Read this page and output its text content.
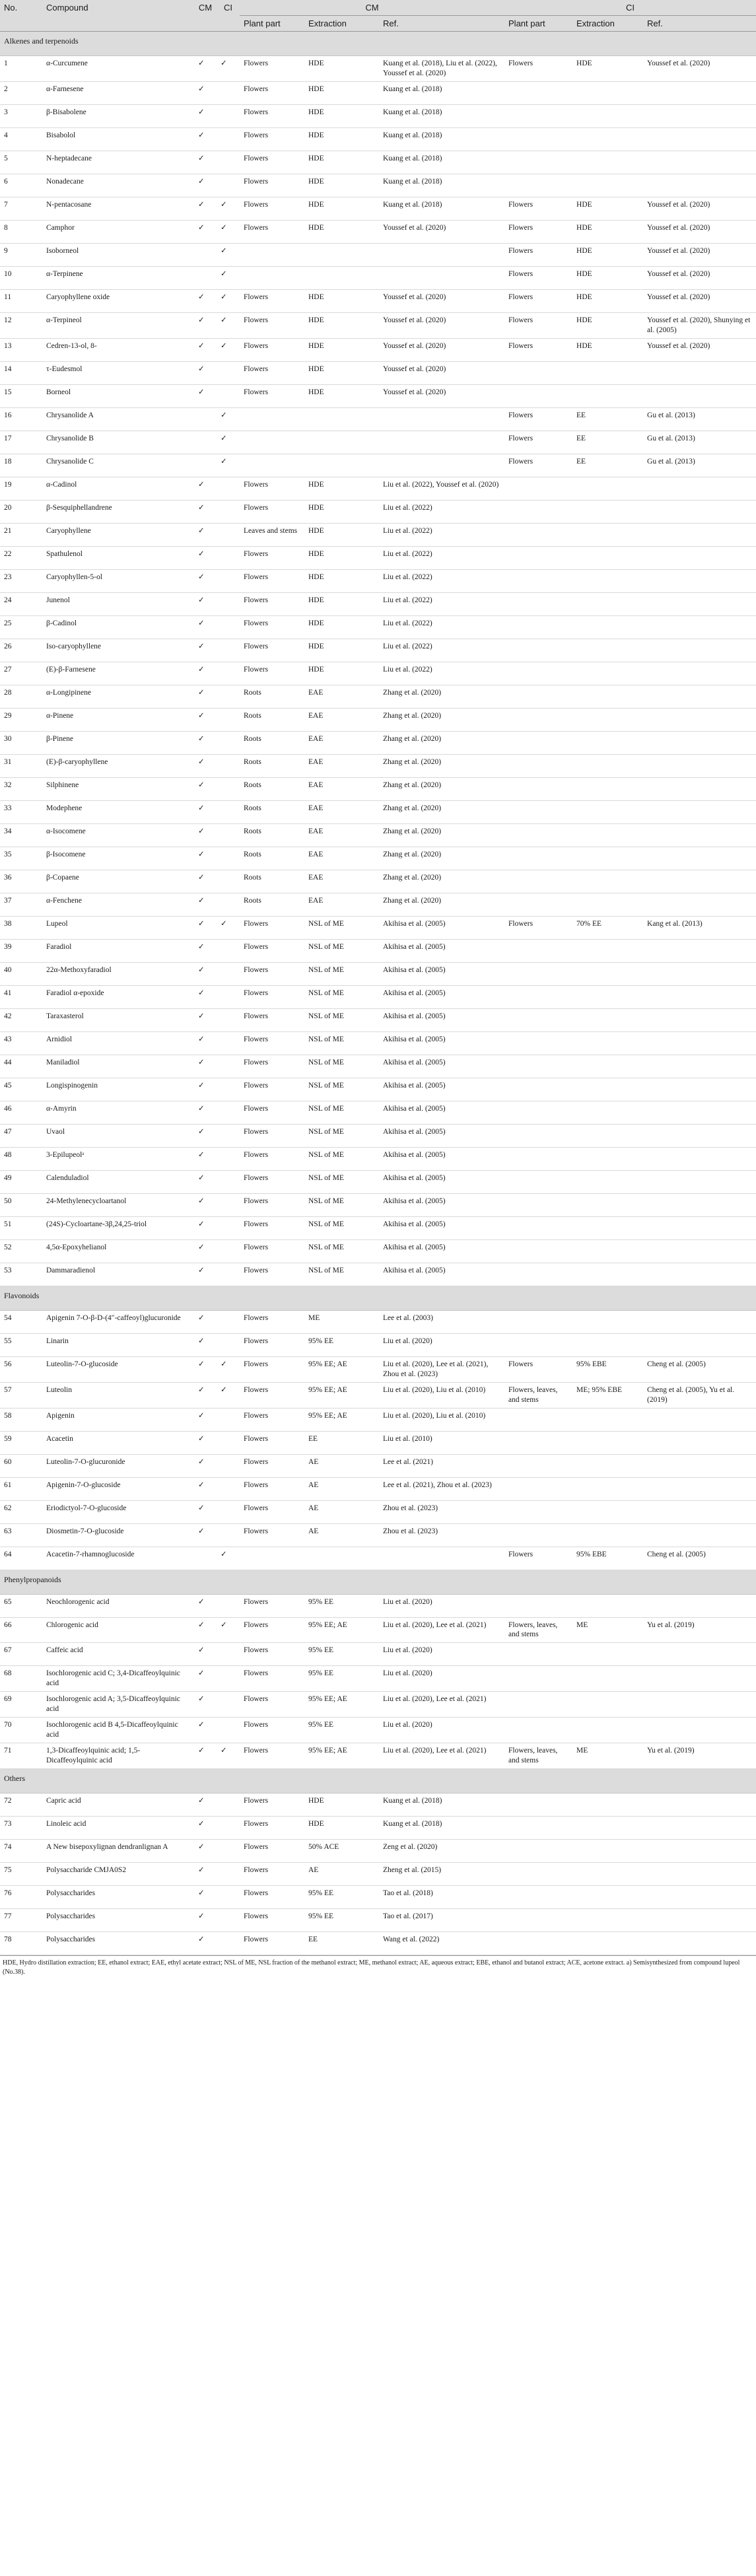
No.	Compound	CM	CI	CM			CI		
				Plant part	Extraction	Ref.	Plant part	Extraction	Ref.
Alkenes and terpenoids									
1	α-Curcumene	✓	✓	Flowers	HDE	Kuang et al. (2018), Liu et al. (2022), Youssef et al. (2020)	Flowers	HDE	Youssef et al. (2020)
2	α-Farnesene	✓		Flowers	HDE	Kuang et al. (2018)			
3	β-Bisabolene	✓		Flowers	HDE	Kuang et al. (2018)			
4	Bisabolol	✓		Flowers	HDE	Kuang et al. (2018)			
5	N-heptadecane	✓		Flowers	HDE	Kuang et al. (2018)			
6	Nonadecane	✓		Flowers	HDE	Kuang et al. (2018)			
7	N-pentacosane	✓	✓	Flowers	HDE	Kuang et al. (2018)	Flowers	HDE	Youssef et al. (2020)
8	Camphor	✓	✓	Flowers	HDE	Youssef et al. (2020)	Flowers	HDE	Youssef et al. (2020)
9	Isoborneol		✓				Flowers	HDE	Youssef et al. (2020)
10	α-Terpinene		✓				Flowers	HDE	Youssef et al. (2020)
11	Caryophyllene oxide	✓	✓	Flowers	HDE	Youssef et al. (2020)	Flowers	HDE	Youssef et al. (2020)
12	α-Terpineol	✓	✓	Flowers	HDE	Youssef et al. (2020)	Flowers	HDE	Youssef et al. (2020), Shunying et al. (2005)
13	Cedren-13-ol, 8-	✓	✓	Flowers	HDE	Youssef et al. (2020)	Flowers	HDE	Youssef et al. (2020)
14	τ-Eudesmol	✓		Flowers	HDE	Youssef et al. (2020)			
15	Borneol	✓		Flowers	HDE	Youssef et al. (2020)			
16	Chrysanolide A		✓				Flowers	EE	Gu et al. (2013)
17	Chrysanolide B		✓				Flowers	EE	Gu et al. (2013)
18	Chrysanolide C		✓				Flowers	EE	Gu et al. (2013)
19	α-Cadinol	✓		Flowers	HDE	Liu et al. (2022), Youssef et al. (2020)			
20	β-Sesquiphellandrene	✓		Flowers	HDE	Liu et al. (2022)			
21	Caryophyllene	✓		Leaves and stems	HDE	Liu et al. (2022)			
22	Spathulenol	✓		Flowers	HDE	Liu et al. (2022)			
23	Caryophyllen-5-ol	✓		Flowers	HDE	Liu et al. (2022)			
24	Junenol	✓		Flowers	HDE	Liu et al. (2022)			
25	β-Cadinol	✓		Flowers	HDE	Liu et al. (2022)			
26	Iso-caryophyllene	✓		Flowers	HDE	Liu et al. (2022)			
27	(E)-β-Farnesene	✓		Flowers	HDE	Liu et al. (2022)			
28	α-Longipinene	✓		Roots	EAE	Zhang et al. (2020)			
29	α-Pinene	✓		Roots	EAE	Zhang et al. (2020)			
30	β-Pinene	✓		Roots	EAE	Zhang et al. (2020)			
31	(E)-β-caryophyllene	✓		Roots	EAE	Zhang et al. (2020)			
32	Silphinene	✓		Roots	EAE	Zhang et al. (2020)			
33	Modephene	✓		Roots	EAE	Zhang et al. (2020)			
34	α-Isocomene	✓		Roots	EAE	Zhang et al. (2020)			
35	β-Isocomene	✓		Roots	EAE	Zhang et al. (2020)			
36	β-Copaene	✓		Roots	EAE	Zhang et al. (2020)			
37	α-Fenchene	✓		Roots	EAE	Zhang et al. (2020)			
38	Lupeol	✓	✓	Flowers	NSL of ME	Akihisa et al. (2005)	Flowers	70% EE	Kang et al. (2013)
39	Faradiol	✓		Flowers	NSL of ME	Akihisa et al. (2005)			
40	22α-Methoxyfaradiol	✓		Flowers	NSL of ME	Akihisa et al. (2005)			
41	Faradiol α-epoxide	✓		Flowers	NSL of ME	Akihisa et al. (2005)			
42	Taraxasterol	✓		Flowers	NSL of ME	Akihisa et al. (2005)			
43	Arnidiol	✓		Flowers	NSL of ME	Akihisa et al. (2005)			
44	Maniladiol	✓		Flowers	NSL of ME	Akihisa et al. (2005)			
45	Longispinogenin	✓		Flowers	NSL of ME	Akihisa et al. (2005)			
46	α-Amyrin	✓		Flowers	NSL of ME	Akihisa et al. (2005)			
47	Uvaol	✓		Flowers	NSL of ME	Akihisa et al. (2005)			
48	3-Epilupeolᵃ	✓		Flowers	NSL of ME	Akihisa et al. (2005)			
49	Calenduladiol	✓		Flowers	NSL of ME	Akihisa et al. (2005)			
50	24-Methylenecycloartanol	✓		Flowers	NSL of ME	Akihisa et al. (2005)			
51	(24S)-Cycloartane-3β,24,25-triol	✓		Flowers	NSL of ME	Akihisa et al. (2005)			
52	4,5α-Epoxyhelianol	✓		Flowers	NSL of ME	Akihisa et al. (2005)			
53	Dammaradienol	✓		Flowers	NSL of ME	Akihisa et al. (2005)			
Flavonoids									
54	Apigenin 7-O-β-D-(4″-caffeoyl)glucuronide	✓		Flowers	ME	Lee et al. (2003)			
55	Linarin	✓		Flowers	95% EE	Liu et al. (2020)			
56	Luteolin-7-O-glucoside	✓	✓	Flowers	95% EE; AE	Liu et al. (2020), Lee et al. (2021), Zhou et al. (2023)	Flowers	95% EBE	Cheng et al. (2005)
57	Luteolin	✓	✓	Flowers	95% EE; AE	Liu et al. (2020), Liu et al. (2010)	Flowers, leaves, and stems	ME; 95% EBE	Cheng et al. (2005), Yu et al. (2019)
58	Apigenin	✓		Flowers	95% EE; AE	Liu et al. (2020), Liu et al. (2010)			
59	Acacetin	✓		Flowers	EE	Liu et al. (2010)			
60	Luteolin-7-O-glucuronide	✓		Flowers	AE	Lee et al. (2021)			
61	Apigenin-7-O-glucoside	✓		Flowers	AE	Lee et al. (2021), Zhou et al. (2023)			
62	Eriodictyol-7-O-glucoside	✓		Flowers	AE	Zhou et al. (2023)			
63	Diosmetin-7-O-glucoside	✓		Flowers	AE	Zhou et al. (2023)			
64	Acacetin-7-rhamnoglucoside		✓				Flowers	95% EBE	Cheng et al. (2005)
Phenylpropanoids									
65	Neochlorogenic acid	✓		Flowers	95% EE	Liu et al. (2020)			
66	Chlorogenic acid	✓	✓	Flowers	95% EE; AE	Liu et al. (2020), Lee et al. (2021)	Flowers, leaves, and stems	ME	Yu et al. (2019)
67	Caffeic acid	✓		Flowers	95% EE	Liu et al. (2020)			
68	Isochlorogenic acid C; 3,4-Dicaffeoylquinic acid	✓		Flowers	95% EE	Liu et al. (2020)			
69	Isochlorogenic acid A; 3,5-Dicaffeoylquinic acid	✓		Flowers	95% EE; AE	Liu et al. (2020), Lee et al. (2021)			
70	Isochlorogenic acid B 4,5-Dicaffeoylquinic acid	✓		Flowers	95% EE	Liu et al. (2020)			
71	1,3-Dicaffeoylquinic acid; 1,5-Dicaffeoylquinic acid	✓	✓	Flowers	95% EE; AE	Liu et al. (2020), Lee et al. (2021)	Flowers, leaves, and stems	ME	Yu et al. (2019)
Others									
72	Capric acid	✓		Flowers	HDE	Kuang et al. (2018)			
73	Linoleic acid	✓		Flowers	HDE	Kuang et al. (2018)			
74	A New bisepoxylignan dendranlignan A	✓		Flowers	50% ACE	Zeng et al. (2020)			
75	Polysaccharide CMJA0S2	✓		Flowers	AE	Zheng et al. (2015)			
76	Polysaccharides	✓		Flowers	95% EE	Tao et al. (2018)			
77	Polysaccharides	✓		Flowers	95% EE	Tao et al. (2017)			
78	Polysaccharides	✓		Flowers	EE	Wang et al. (2022)			
HDE, Hydro distillation extraction; EE, ethanol extract; EAE, ethyl acetate extract; NSL of ME, NSL fraction of the methanol extract; ME, methanol extract; AE, aqueous extract; EBE, ethanol and butanol extract; ACE, acetone extract. a) Semisynthesized from compound lupeol (No.38).
